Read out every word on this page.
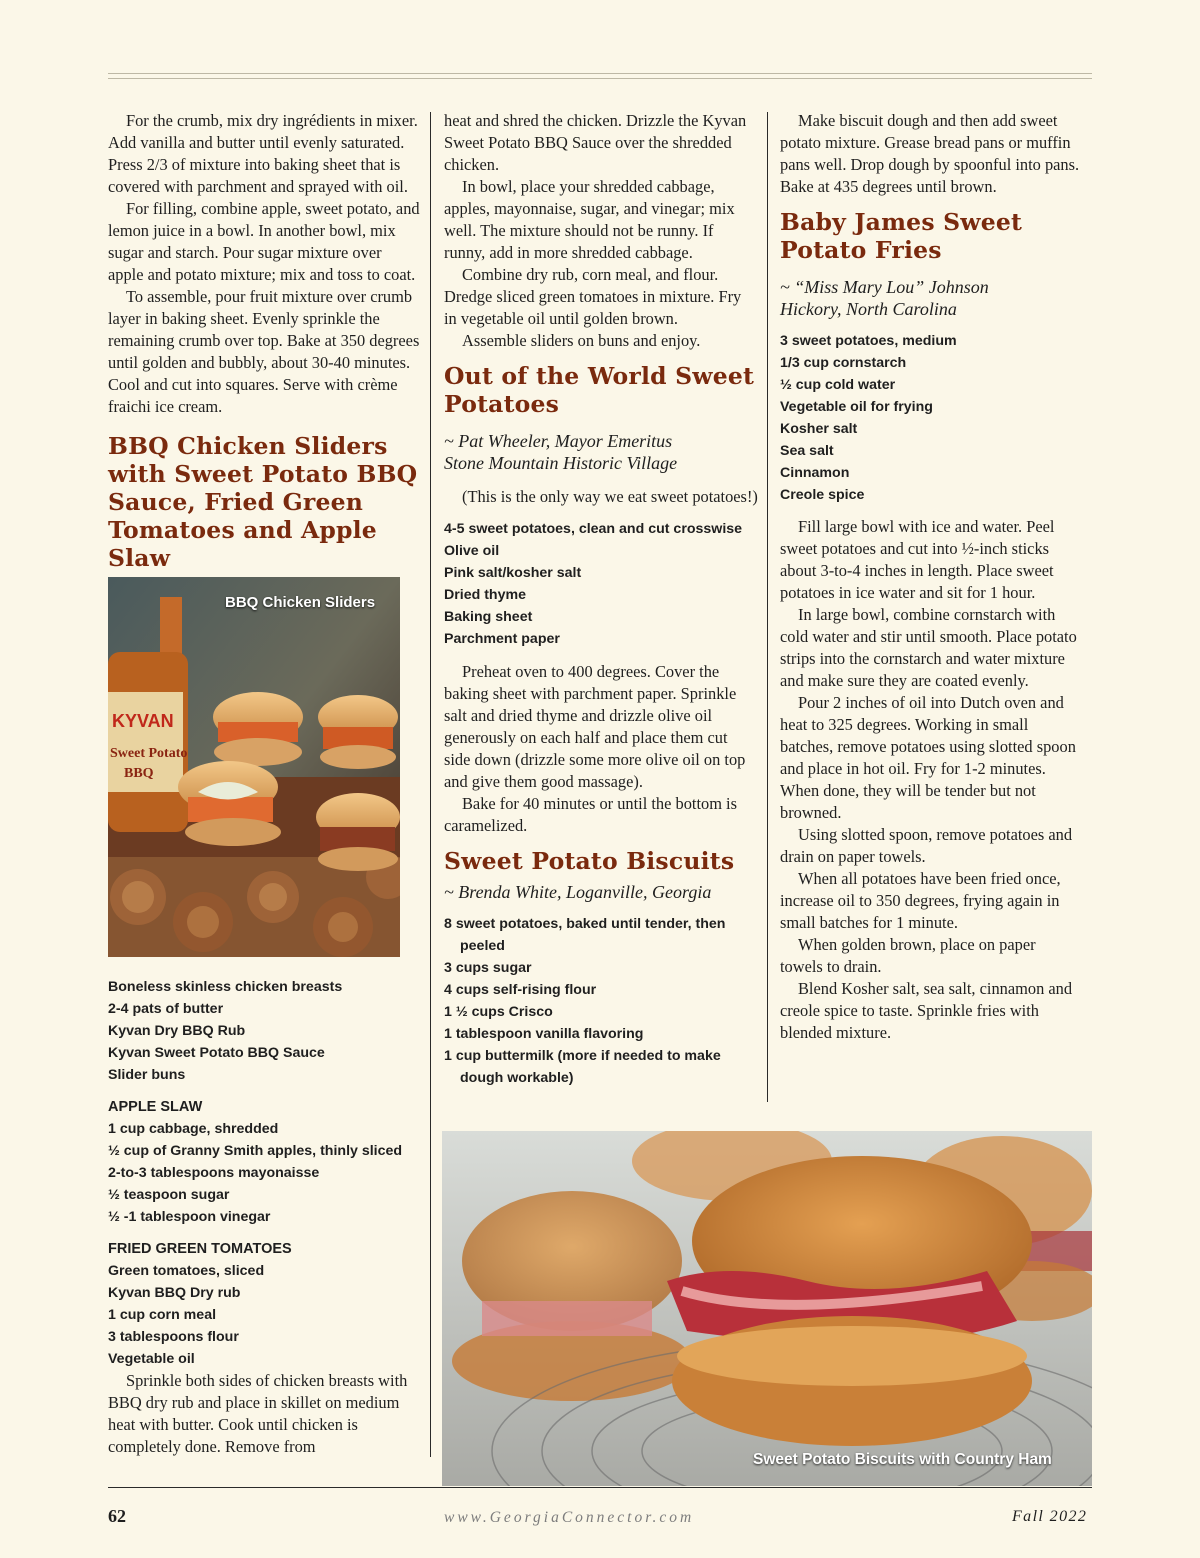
For the crumb, mix dry ingrédients in mixer. Add vanilla and butter until evenly saturated. Press 2/3 of mixture into baking sheet that is covered with parchment and sprayed with oil.

For filling, combine apple, sweet potato, and lemon juice in a bowl. In another bowl, mix sugar and starch. Pour sugar mixture over apple and potato mixture; mix and toss to coat.

To assemble, pour fruit mixture over crumb layer in baking sheet. Evenly sprinkle the remaining crumb over top. Bake at 350 degrees until golden and bubbly, about 30-40 minutes. Cool and cut into squares. Serve with crème fraichi ice cream.

BBQ Chicken Sliders with Sweet Potato BBQ Sauce, Fried Green Tomatoes and Apple Slaw
KYVAN
Sweet Potato
BBQ
BBQ Chicken Sliders
Boneless skinless chicken breasts
2-4 pats of butter
Kyvan Dry BBQ Rub
Kyvan Sweet Potato BBQ Sauce
Slider buns

APPLE SLAW

1 cup cabbage, shredded
½ cup of Granny Smith apples, thinly sliced
2-to-3 tablespoons mayonaisse
½ teaspoon sugar
½ -1 tablespoon vinegar

FRIED GREEN TOMATOES

Green tomatoes, sliced
Kyvan BBQ Dry rub
1 cup corn meal
3 tablespoons flour
Vegetable oil

Sprinkle both sides of chicken breasts with BBQ dry rub and place in skillet on medium heat with butter. Cook until chicken is completely done. Remove from

heat and shred the chicken. Drizzle the Kyvan Sweet Potato BBQ Sauce over the shredded chicken.

In bowl, place your shredded cabbage, apples, mayonnaise, sugar, and vinegar; mix well. The mixture should not be runny. If runny, add in more shredded cabbage.

Combine dry rub, corn meal, and flour. Dredge sliced green tomatoes in mixture. Fry in vegetable oil until golden brown.

Assemble sliders on buns and enjoy.

Out of the World Sweet Potatoes

~ Pat Wheeler, Mayor Emeritus

Stone Mountain Historic Village

(This is the only way we eat sweet potatoes!)

4-5 sweet potatoes, clean and cut crosswise
Olive oil
Pink salt/kosher salt
Dried thyme
Baking sheet
Parchment paper

Preheat oven to 400 degrees. Cover the baking sheet with parchment paper. Sprinkle salt and dried thyme and drizzle olive oil generously on each half and place them cut side down (drizzle some more olive oil on top and give them good massage).

Bake for 40 minutes or until the bottom is caramelized.

Sweet Potato Biscuits

~ Brenda White, Loganville, Georgia

8 sweet potatoes, baked until tender, then peeled
3 cups sugar
4 cups self-rising flour
1 ½ cups Crisco
1 tablespoon vanilla flavoring
1 cup buttermilk (more if needed to make dough workable)

Make biscuit dough and then add sweet potato mixture. Grease bread pans or muffin pans well. Drop dough by spoonful into pans. Bake at 435 degrees until brown.

Baby James Sweet Potato Fries

~ “Miss Mary Lou” Johnson

Hickory, North Carolina

3 sweet potatoes, medium
1/3 cup cornstarch
½ cup cold water
Vegetable oil for frying
Kosher salt
Sea salt
Cinnamon
Creole spice

Fill large bowl with ice and water. Peel sweet potatoes and cut into ½-inch sticks about 3-to-4 inches in length. Place sweet potatoes in ice water and sit for 1 hour.

In large bowl, combine cornstarch with cold water and stir until smooth. Place potato strips into the cornstarch and water mixture and make sure they are coated evenly.

Pour 2 inches of oil into Dutch oven and heat to 325 degrees. Working in small batches, remove potatoes using slotted spoon and place in hot oil. Fry for 1-2 minutes. When done, they will be tender but not browned.

Using slotted spoon, remove potatoes and drain on paper towels.

When all potatoes have been fried once, increase oil to 350 degrees, frying again in small batches for 1 minute.

When golden brown, place on paper towels to drain.

Blend Kosher salt, sea salt, cinnamon and creole spice to taste. Sprinkle fries with blended mixture.

Sweet Potato Biscuits with Country Ham
62	www.GeorgiaConnector.com	Fall 2022
